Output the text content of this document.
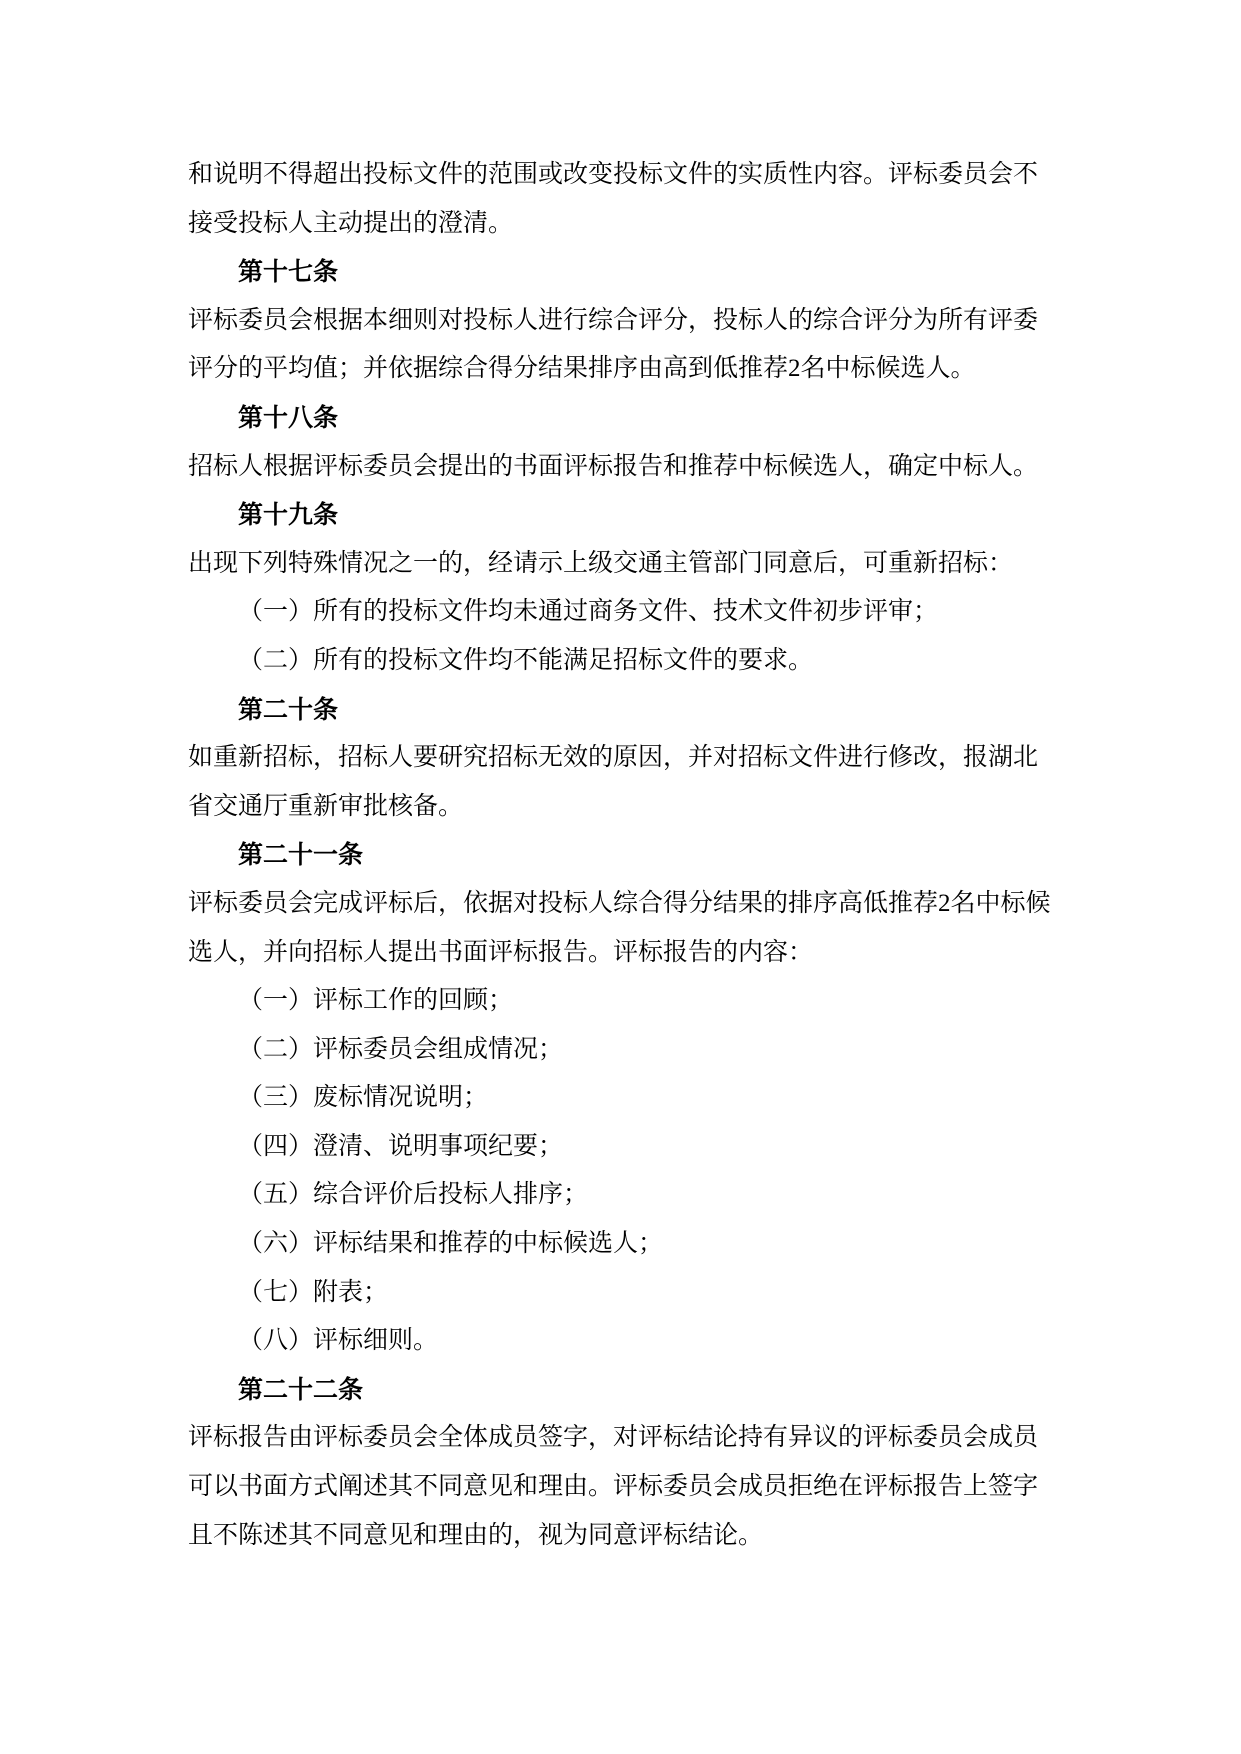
和说明不得超出投标文件的范围或改变投标文件的实质性内容。评标委员会不
接受投标人主动提出的澄清。
第十七条
评标委员会根据本细则对投标人进行综合评分，投标人的综合评分为所有评委
评分的平均值；并依据综合得分结果排序由高到低推荐2名中标候选人。
第十八条
招标人根据评标委员会提出的书面评标报告和推荐中标候选人，确定中标人。
第十九条
出现下列特殊情况之一的，经请示上级交通主管部门同意后，可重新招标：
（一）所有的投标文件均未通过商务文件、技术文件初步评审；
（二）所有的投标文件均不能满足招标文件的要求。
第二十条
如重新招标，招标人要研究招标无效的原因，并对招标文件进行修改，报湖北
省交通厅重新审批核备。
第二十一条
评标委员会完成评标后，依据对投标人综合得分结果的排序高低推荐2名中标候
选人，并向招标人提出书面评标报告。评标报告的内容：
（一）评标工作的回顾；
（二）评标委员会组成情况；
（三）废标情况说明；
（四）澄清、说明事项纪要；
（五）综合评价后投标人排序；
（六）评标结果和推荐的中标候选人；
（七）附表；
（八）评标细则。
第二十二条
评标报告由评标委员会全体成员签字，对评标结论持有异议的评标委员会成员
可以书面方式阐述其不同意见和理由。评标委员会成员拒绝在评标报告上签字
且不陈述其不同意见和理由的，视为同意评标结论。
